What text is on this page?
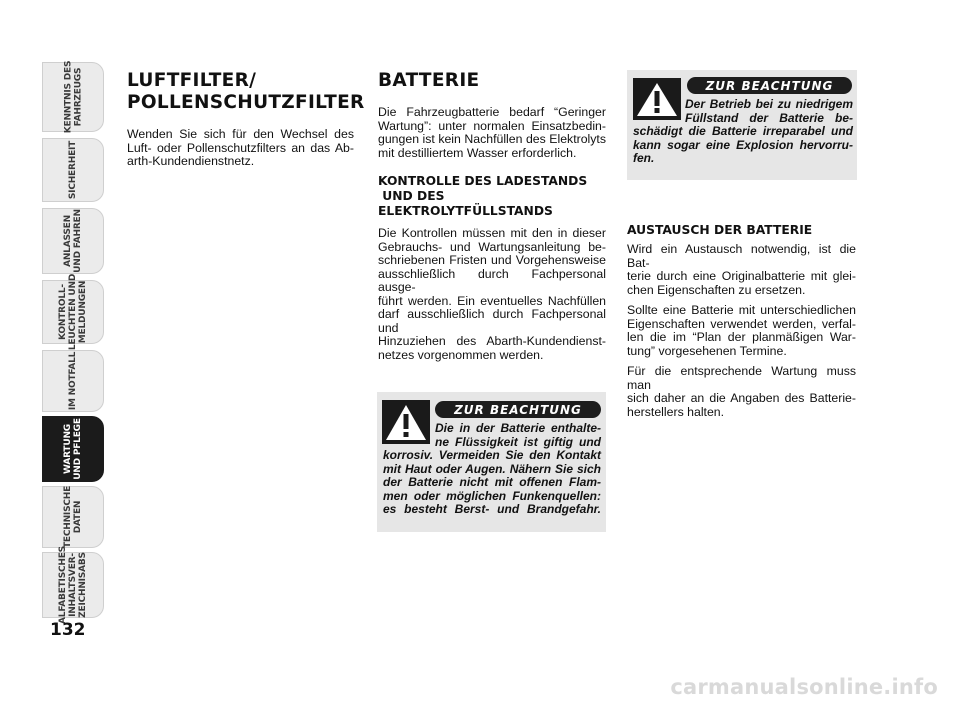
KENNTNIS DES
FAHRZEUGS
SICHERHEIT
ANLASSEN
UND FAHREN
KONTROLL-
LEUCHTEN UND
MELDUNGEN
IM NOTFALL
WARTUNG
UND PFLEGE
TECHNISCHE
DATEN
ALFABETISCHES
INHALTSVER-
ZEICHNISABS
132
LUFTFILTER/
POLLENSCHUTZFILTER
Wenden Sie sich für den Wechsel des
Luft- oder Pollenschutzfilters an das Ab-
arth-Kundendienstnetz.
BATTERIE
Die Fahrzeugbatterie bedarf “Geringer
Wartung”: unter normalen Einsatzbedin-
gungen ist kein Nachfüllen des Elektrolyts
mit destilliertem Wasser erforderlich.
KONTROLLE DES LADESTANDS
UND DES
ELEKTROLYTFÜLLSTANDS
Die Kontrollen müssen mit den in dieser
Gebrauchs- und Wartungsanleitung be-
schriebenen Fristen und Vorgehensweise
ausschließlich durch Fachpersonal ausge-
führt werden. Ein eventuelles Nachfüllen
darf ausschließlich durch Fachpersonal und
Hinzuziehen des Abarth-Kundendienst-
netzes vorgenommen werden.
ZUR BEACHTUNG
Die in der Batterie enthalte-
ne Flüssigkeit ist giftig und
korrosiv. Vermeiden Sie den Kontakt
mit Haut oder Augen. Nähern Sie sich
der Batterie nicht mit offenen Flam-
men oder möglichen Funkenquellen:
es besteht Berst- und Brandgefahr.
ZUR BEACHTUNG
Der Betrieb bei zu niedrigem
Füllstand der Batterie be-
schädigt die Batterie irreparabel und
kann sogar eine Explosion hervorru-
fen.
AUSTAUSCH DER BATTERIE
Wird ein Austausch notwendig, ist die Bat-
terie durch eine Originalbatterie mit glei-
chen Eigenschaften zu ersetzen.
Sollte eine Batterie mit unterschiedlichen
Eigenschaften verwendet werden, verfal-
len die im “Plan der planmäßigen War-
tung” vorgesehenen Termine.
Für die entsprechende Wartung muss man
sich daher an die Angaben des Batterie-
herstellers halten.
carmanualsonline.info
